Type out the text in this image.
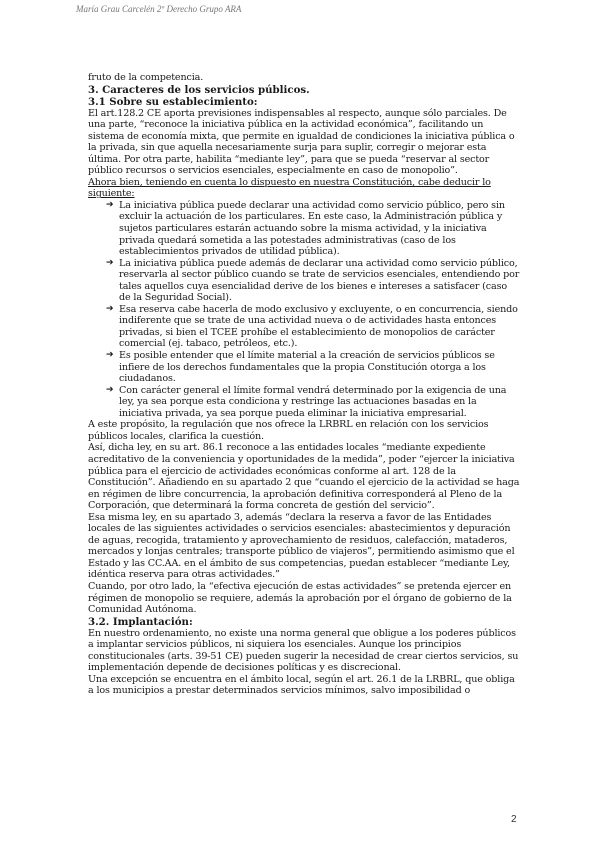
María Grau Carcelén 2º Derecho Grupo ARA

fruto de la competencia.

3. Caracteres de los servicios públicos.
3.1 Sobre su establecimiento:

El art.128.2 CE aporta previsiones indispensables al respecto, aunque sólo parciales. De una parte, “reconoce la iniciativa pública en la actividad económica”, facilitando un sistema de economía mixta, que permite en igualdad de condiciones la iniciativa pública o la privada, sin que aquella necesariamente surja para suplir, corregir o mejorar esta última. Por otra parte, habilita “mediante ley”, para que se pueda “reservar al sector público recursos o servicios esenciales, especialmente en caso de monopolio”.

Ahora bien, teniendo en cuenta lo dispuesto en nuestra Constitución, cabe deducir lo siguiente:

➔ La iniciativa pública puede declarar una actividad como servicio público, pero sin excluir la actuación de los particulares. En este caso, la Administración pública y sujetos particulares estarán actuando sobre la misma actividad, y la iniciativa privada quedará sometida a las potestades administrativas (caso de los establecimientos privados de utilidad pública).
➔ La iniciativa pública puede además de declarar una actividad como servicio público, reservarla al sector público cuando se trate de servicios esenciales, entendiendo por tales aquellos cuya esencialidad derive de los bienes e intereses a satisfacer (caso de la Seguridad Social).
➔ Esa reserva cabe hacerla de modo exclusivo y excluyente, o en concurrencia, siendo indiferente que se trate de una actividad nueva o de actividades hasta entonces privadas, si bien el TCEE prohíbe el establecimiento de monopolios de carácter comercial (ej. tabaco, petróleos, etc.).
➔ Es posible entender que el límite material a la creación de servicios públicos se infiere de los derechos fundamentales que la propia Constitución otorga a los ciudadanos.
➔ Con carácter general el límite formal vendrá determinado por la exigencia de una ley, ya sea porque esta condiciona y restringe las actuaciones basadas en la iniciativa privada, ya sea porque pueda eliminar la iniciativa empresarial.

A este propósito, la regulación que nos ofrece la LRBRL en relación con los servicios públicos locales, clarifica la cuestión.

Así, dicha ley, en su art. 86.1 reconoce a las entidades locales “mediante expediente acreditativo de la conveniencia y oportunidades de la medida”, poder “ejercer la iniciativa pública para el ejercicio de actividades económicas conforme al art. 128 de la Constitución”. Añadiendo en su apartado 2 que “cuando el ejercicio de la actividad se haga en régimen de libre concurrencia, la aprobación definitiva corresponderá al Pleno de la Corporación, que determinará la forma concreta de gestión del servicio”.

Esa misma ley, en su apartado 3, además “declara la reserva a favor de las Entidades locales de las siguientes actividades o servicios esenciales: abastecimientos y depuración de aguas, recogida, tratamiento y aprovechamiento de residuos, calefacción, mataderos, mercados y lonjas centrales; transporte público de viajeros”, permitiendo asimismo que el Estado y las CC.AA. en el ámbito de sus competencias, puedan establecer “mediante Ley, idéntica reserva para otras actividades.”

Cuando, por otro lado, la “efectiva ejecución de estas actividades” se pretenda ejercer en régimen de monopolio se requiere, además la aprobación por el órgano de gobierno de la Comunidad Autónoma.

3.2. Implantación:

En nuestro ordenamiento, no existe una norma general que obligue a los poderes públicos a implantar servicios públicos, ni siquiera los esenciales. Aunque los principios constitucionales (arts. 39-51 CE) pueden sugerir la necesidad de crear ciertos servicios, su implementación depende de decisiones políticas y es discrecional.

Una excepción se encuentra en el ámbito local, según el art. 26.1 de la LRBRL, que obliga a los municipios a prestar determinados servicios mínimos, salvo imposibilidad o

2
